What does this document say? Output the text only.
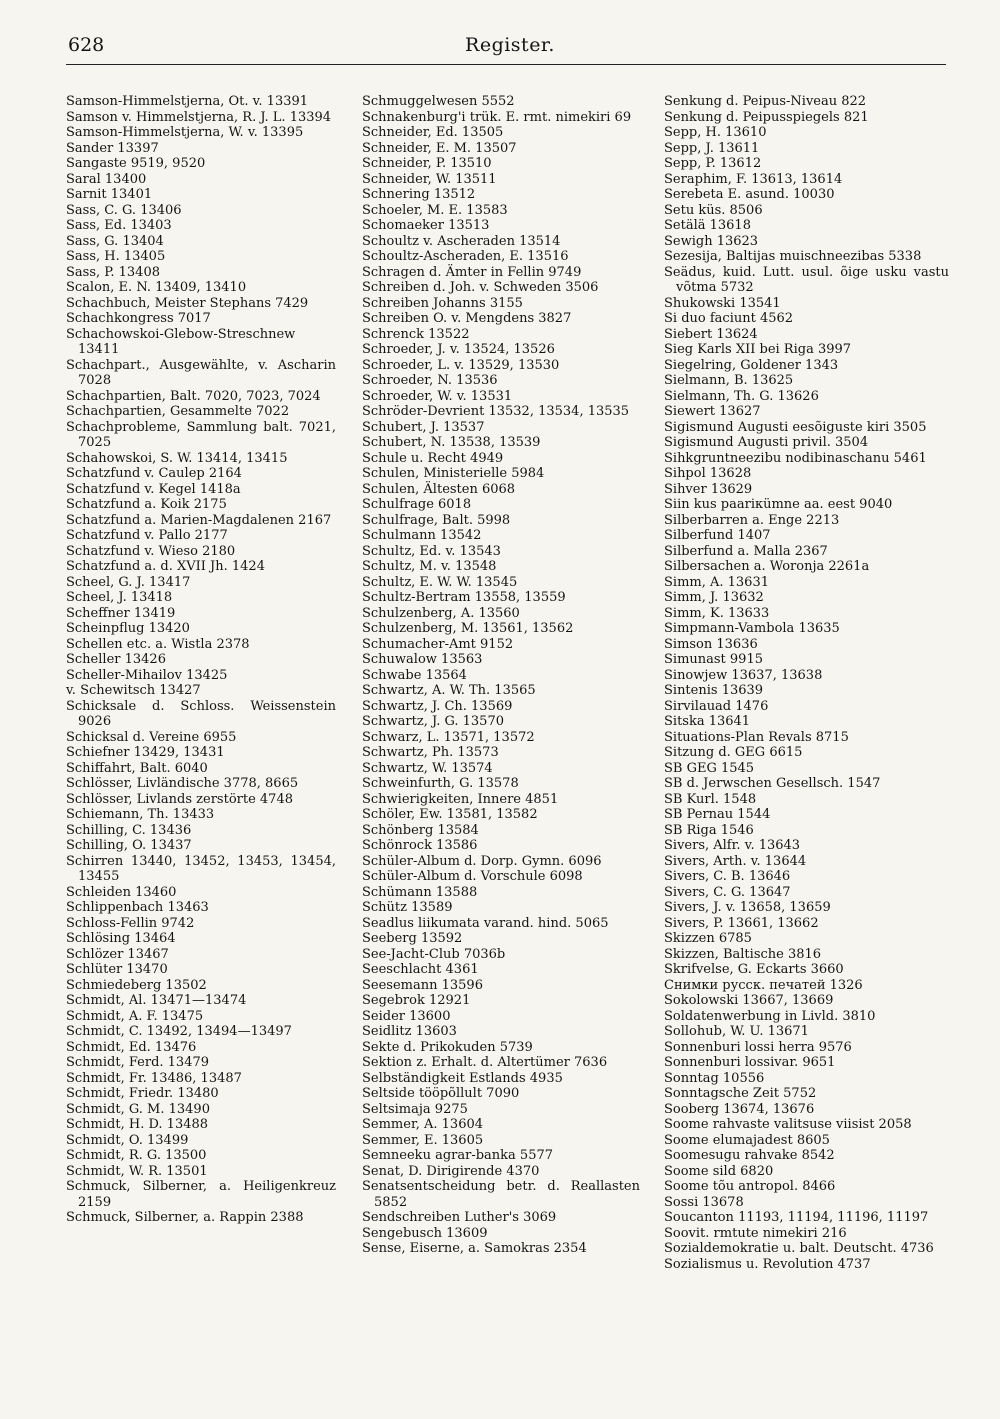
628	Register.

Samson-Himmelstjerna, Ot. v. 13391

Samson v. Himmelstjerna, R. J. L. 13394

Samson-Himmelstjerna, W. v. 13395

Sander 13397

Sangaste 9519, 9520

Saral 13400

Sarnit 13401

Sass, C. G. 13406

Sass, Ed. 13403

Sass, G. 13404

Sass, H. 13405

Sass, P. 13408

Scalon, E. N. 13409, 13410

Schachbuch, Meister Stephans 7429

Schachkongress 7017

Schachowskoi-Glebow-Streschnew 13411

Schachpart., Ausgewählte, v. Ascharin 7028

Schachpartien, Balt. 7020, 7023, 7024

Schachpartien, Gesammelte 7022

Schachprobleme, Sammlung balt. 7021, 7025

Schahowskoi, S. W. 13414, 13415

Schatzfund v. Caulep 2164

Schatzfund v. Kegel 1418a

Schatzfund a. Koik 2175

Schatzfund a. Marien-Magdalenen 2167

Schatzfund v. Pallo 2177

Schatzfund v. Wieso 2180

Schatzfund a. d. XVII Jh. 1424

Scheel, G. J. 13417

Scheel, J. 13418

Scheffner 13419

Scheinpflug 13420

Schellen etc. a. Wistla 2378

Scheller 13426

Scheller-Mihailov 13425

v. Schewitsch 13427

Schicksale d. Schloss. Weissenstein 9026

Schicksal d. Vereine 6955

Schiefner 13429, 13431

Schiffahrt, Balt. 6040

Schlösser, Livländische 3778, 8665

Schlösser, Livlands zerstörte 4748

Schiemann, Th. 13433

Schilling, C. 13436

Schilling, O. 13437

Schirren 13440, 13452, 13453, 13454, 13455

Schleiden 13460

Schlippenbach 13463

Schloss-Fellin 9742

Schlösing 13464

Schlözer 13467

Schlüter 13470

Schmiedeberg 13502

Schmidt, Al. 13471—13474

Schmidt, A. F. 13475

Schmidt, C. 13492, 13494—13497

Schmidt, Ed. 13476

Schmidt, Ferd. 13479

Schmidt, Fr. 13486, 13487

Schmidt, Friedr. 13480

Schmidt, G. M. 13490

Schmidt, H. D. 13488

Schmidt, O. 13499

Schmidt, R. G. 13500

Schmidt, W. R. 13501

Schmuck, Silberner, a. Heiligenkreuz 2159

Schmuck, Silberner, a. Rappin 2388

Schmuggelwesen 5552

Schnakenburg'i trük. E. rmt. nimekiri 69

Schneider, Ed. 13505

Schneider, E. M. 13507

Schneider, P. 13510

Schneider, W. 13511

Schnering 13512

Schoeler, M. E. 13583

Schomaeker 13513

Schoultz v. Ascheraden 13514

Schoultz-Ascheraden, E. 13516

Schragen d. Ämter in Fellin 9749

Schreiben d. Joh. v. Schweden 3506

Schreiben Johanns 3155

Schreiben O. v. Mengdens 3827

Schrenck 13522

Schroeder, J. v. 13524, 13526

Schroeder, L. v. 13529, 13530

Schroeder, N. 13536

Schroeder, W. v. 13531

Schröder-Devrient 13532, 13534, 13535

Schubert, J. 13537

Schubert, N. 13538, 13539

Schule u. Recht 4949

Schulen, Ministerielle 5984

Schulen, Ältesten 6068

Schulfrage 6018

Schulfrage, Balt. 5998

Schulmann 13542

Schultz, Ed. v. 13543

Schultz, M. v. 13548

Schultz, E. W. W. 13545

Schultz-Bertram 13558, 13559

Schulzenberg, A. 13560

Schulzenberg, M. 13561, 13562

Schumacher-Amt 9152

Schuwalow 13563

Schwabe 13564

Schwartz, A. W. Th. 13565

Schwartz, J. Ch. 13569

Schwartz, J. G. 13570

Schwarz, L. 13571, 13572

Schwartz, Ph. 13573

Schwartz, W. 13574

Schweinfurth, G. 13578

Schwierigkeiten, Innere 4851

Schöler, Ew. 13581, 13582

Schönberg 13584

Schönrock 13586

Schüler-Album d. Dorp. Gymn. 6096

Schüler-Album d. Vorschule 6098

Schümann 13588

Schütz 13589

Seadlus liikumata varand. hind. 5065

Seeberg 13592

See-Jacht-Club 7036b

Seeschlacht 4361

Seesemann 13596

Segebrok 12921

Seider 13600

Seidlitz 13603

Sekte d. Prikokuden 5739

Sektion z. Erhalt. d. Altertümer 7636

Selbständigkeit Estlands 4935

Seltside tööpõllult 7090

Seltsimaja 9275

Semmer, A. 13604

Semmer, E. 13605

Semneeku agrar-banka 5577

Senat, D. Dirigirende 4370

Senatsentscheidung betr. d. Reallasten 5852

Sendschreiben Luther's 3069

Sengebusch 13609

Sense, Eiserne, a. Samokras 2354

Senkung d. Peipus-Niveau 822

Senkung d. Peipusspiegels 821

Sepp, H. 13610

Sepp, J. 13611

Sepp, P. 13612

Seraphim, F. 13613, 13614

Serebeta E. asund. 10030

Setu küs. 8506

Setälä 13618

Sewigh 13623

Sezesija, Baltijas muischneezibas 5338

Seädus, kuid. Lutt. usul. õige usku vastu võtma 5732

Shukowski 13541

Si duo faciunt 4562

Siebert 13624

Sieg Karls XII bei Riga 3997

Siegelring, Goldener 1343

Sielmann, B. 13625

Sielmann, Th. G. 13626

Siewert 13627

Sigismund Augusti eesõiguste kiri 3505

Sigismund Augusti privil. 3504

Sihkgruntneezibu nodibinaschanu 5461

Sihpol 13628

Sihver 13629

Siin kus paariкümne aa. eest 9040

Silberbarren a. Enge 2213

Silberfund 1407

Silberfund a. Malla 2367

Silbersachen a. Woronja 2261a

Simm, A. 13631

Simm, J. 13632

Simm, K. 13633

Simpmann-Vambola 13635

Simson 13636

Simunast 9915

Sinowjew 13637, 13638

Sintenis 13639

Sirvilauad 1476

Sitska 13641

Situations-Plan Revals 8715

Sitzung d. GEG 6615

SB GEG 1545

SB d. Jerwschen Gesellsch. 1547

SB Kurl. 1548

SB Pernau 1544

SB Riga 1546

Sivers, Alfr. v. 13643

Sivers, Arth. v. 13644

Sivers, C. B. 13646

Sivers, C. G. 13647

Sivers, J. v. 13658, 13659

Sivers, P. 13661, 13662

Skizzen 6785

Skizzen, Baltische 3816

Skrifvelse, G. Eckarts 3660

Снимки русск. печатей 1326

Sokolowski 13667, 13669

Soldatenwerbung in Livld. 3810

Sollohub, W. U. 13671

Sonnenburi lossi herra 9576

Sonnenburi lossivar. 9651

Sonntag 10556

Sonntagsche Zeit 5752

Sooberg 13674, 13676

Soome rahvaste valitsuse viisist 2058

Soome elumajadest 8605

Soomesugu rahvake 8542

Soome sild 6820

Soome tõu antropol. 8466

Sossi 13678

Soucanton 11193, 11194, 11196, 11197

Soovit. rmtute nimekiri 216

Sozialdemokratie u. balt. Deutscht. 4736

Sozialismus u. Revolution 4737
